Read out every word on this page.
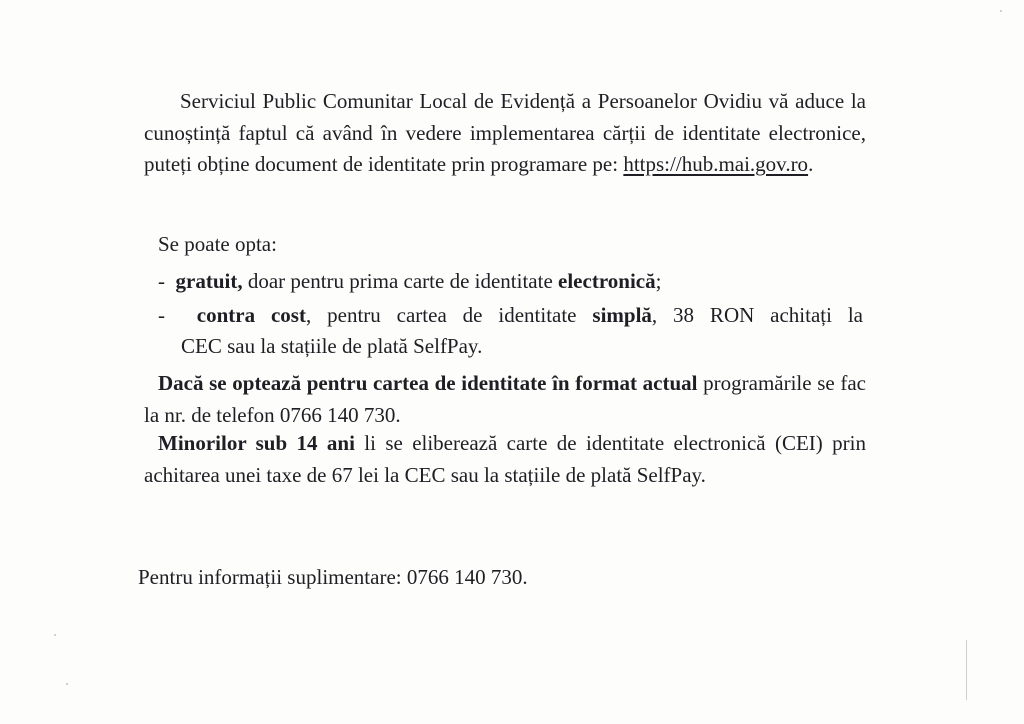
Serviciul Public Comunitar Local de Evidență a Persoanelor Ovidiu vă aduce la cunoștință faptul că având în vedere implementarea cărții de identitate electronice, puteți obține document de identitate prin programare pe: https://hub.mai.gov.ro.
Se poate opta:
- gratuit, doar pentru prima carte de identitate electronică;
- contra cost, pentru cartea de identitate simplă, 38 RON achitați la
CEC sau la stațiile de plată SelfPay.
Dacă se optează pentru cartea de identitate în format actual programările se fac la nr. de telefon 0766 140 730.
Minorilor sub 14 ani li se eliberează carte de identitate electronică (CEI) prin achitarea unei taxe de 67 lei la CEC sau la stațiile de plată SelfPay.
Pentru informații suplimentare: 0766 140 730.
